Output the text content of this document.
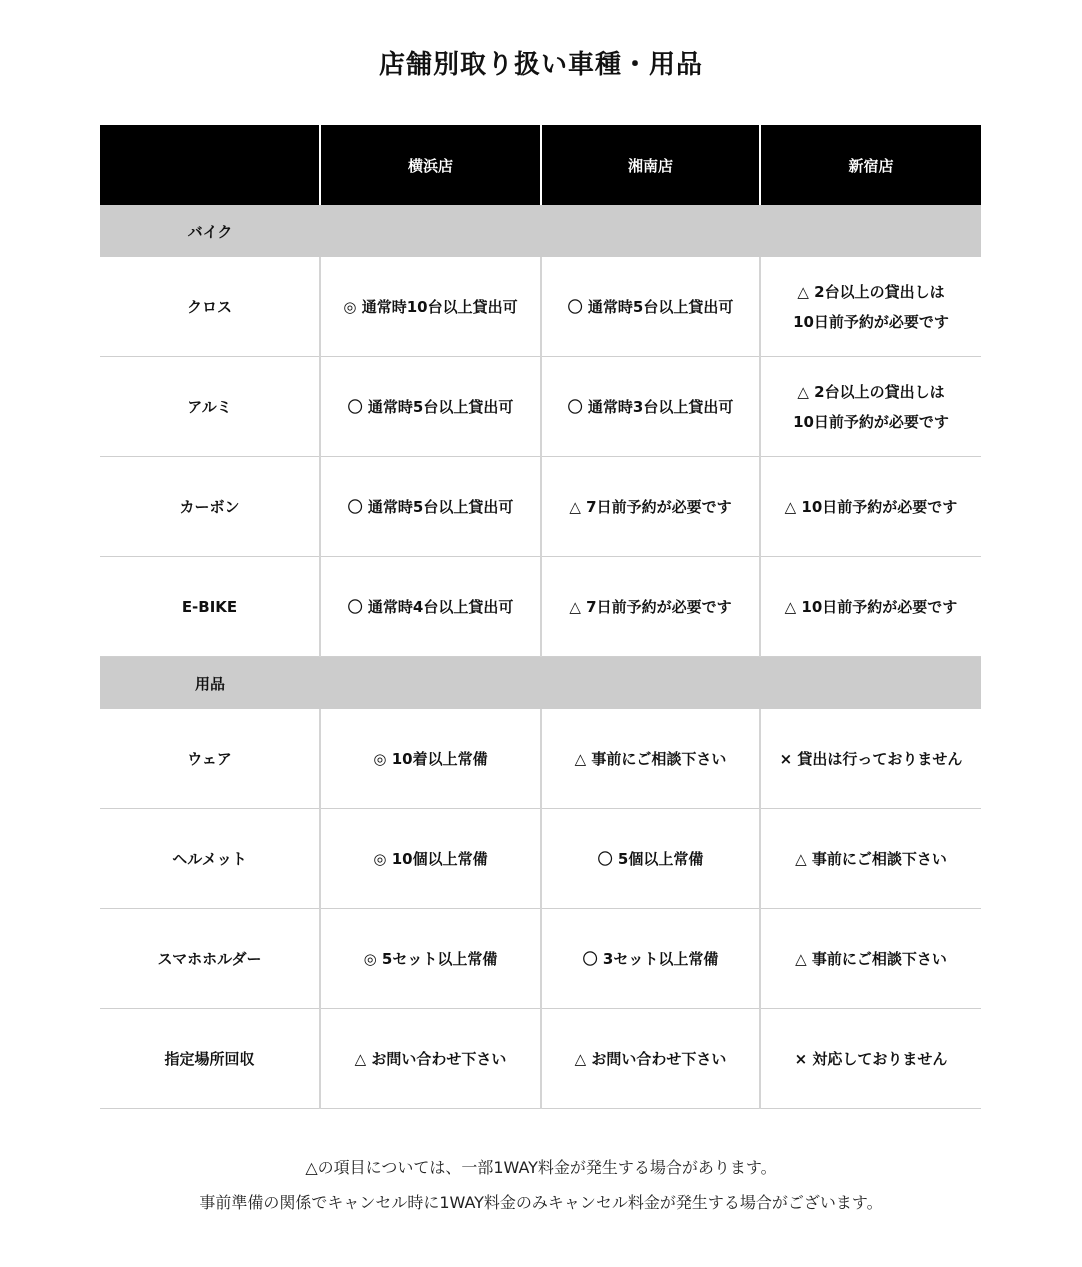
店舗別取り扱い車種・用品
	横浜店	湘南店	新宿店

バイク			

クロス	◎ 通常時10台以上貸出可	〇 通常時5台以上貸出可	△ 2台以上の貸出しは
10日前予約が必要です
アルミ	〇 通常時5台以上貸出可	〇 通常時3台以上貸出可	△ 2台以上の貸出しは
10日前予約が必要です
カーボン	〇 通常時5台以上貸出可	△ 7日前予約が必要です	△ 10日前予約が必要です
E-BIKE	〇 通常時4台以上貸出可	△ 7日前予約が必要です	△ 10日前予約が必要です

用品			

ウェア	◎ 10着以上常備	△ 事前にご相談下さい	× 貸出は行っておりません
ヘルメット	◎ 10個以上常備	〇 5個以上常備	△ 事前にご相談下さい
スマホホルダー	◎ 5セット以上常備	〇 3セット以上常備	△ 事前にご相談下さい
指定場所回収	△ お問い合わせ下さい	△ お問い合わせ下さい	× 対応しておりません
△の項目については、一部1WAY料金が発生する場合があります。
事前準備の関係でキャンセル時に1WAY料金のみキャンセル料金が発生する場合がございます。
